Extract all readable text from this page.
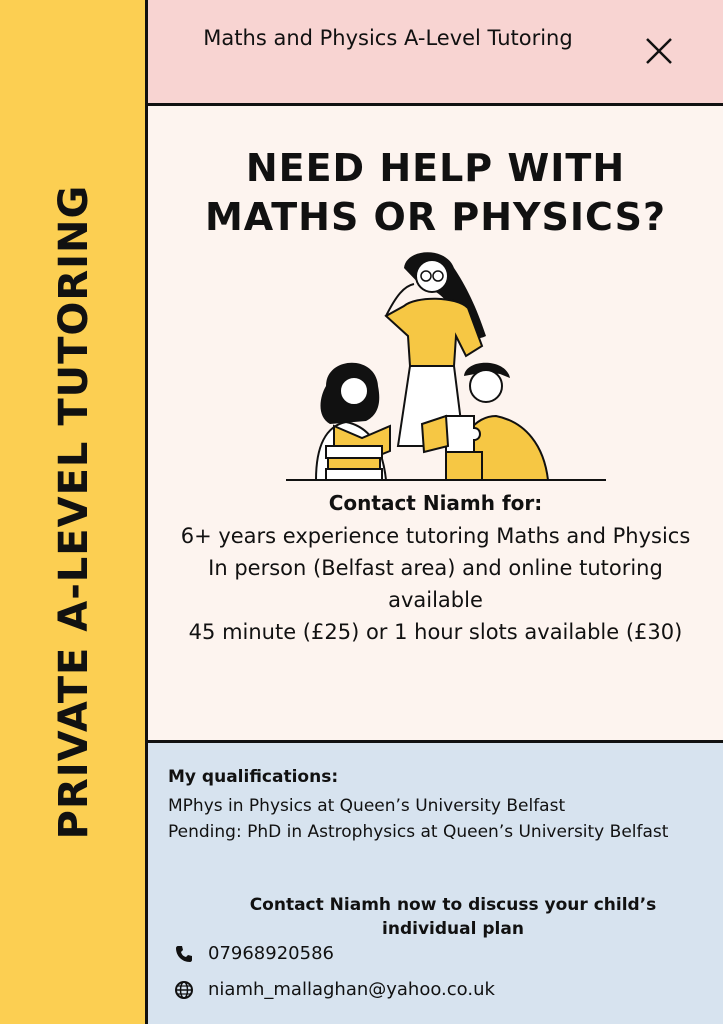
PRIVATE A-LEVEL TUTORING
Maths and Physics A-Level Tutoring
NEED HELP WITH
MATHS OR PHYSICS?
Contact Niamh for:
6+ years experience tutoring Maths and Physics
In person (Belfast area) and online tutoring available
45 minute (£25) or 1 hour slots available (£30)
My qualifications:
MPhys in Physics at Queen’s University Belfast
Pending: PhD in Astrophysics at Queen’s University Belfast
Contact Niamh now to discuss your child’s individual plan
07968920586
niamh_mallaghan@yahoo.co.uk
